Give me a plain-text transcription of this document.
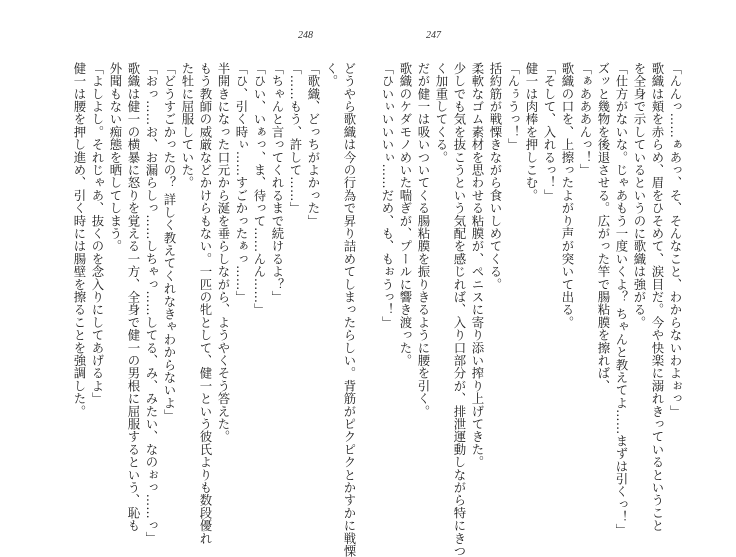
248	247
「んんっ……ぁあっ、そ、そんなこと、わからないわよぉっ」
歌織は頬を赤らめ、眉をひそめて、涙目だ。今や快楽に溺れきっているということ
を全身で示しているというのに歌織は強がる。
「仕方がないな。じゃあもう一度いくよ？ ちゃんと教えてよ……まずは引くっ！」
ズッと幾物を後退させる。広がった竿で腸粘膜を擦れば、
「ぁあああんっ！」
歌織の口を、上擦ったよがり声が突いて出る。
「そして、入れるっ！」
健一は肉棒を押しこむ。
「んぅうっ！」
括約筋が戦慄きながら食いしめてくる。
柔軟なゴム素材を思わせる粘膜が、ペニスに寄り添い搾り上げてきた。
少しでも気を抜こうという気配を感じれば、入り口部分が、排泄運動しながら特にきつ
く加重してくる。
だが健一は吸いついてくる腸粘膜を振りきるように腰を引く。
歌織のケダモノめいた喘ぎが、プールに響き渡った。
「ひいぃいいいぃ……だめ、も、もぉうっ！」
どうやら歌織は今の行為で昇り詰めてしまったらしい。背筋がピクピクとかすかに戦慄
く。
「歌織、どっちがよかった」
「……もう、許して……」
「ちゃんと言ってくれるまで続けるよ？」
「ひい、いぁっ、ま、待って……んん……」
「ひ、引く時ぃ……すごかったぁっ……」
半開きになった口元から涎を垂らしながら、ようやくそう答えた。
もう教師の威厳などかけらもない。一匹の牝として、健一という彼氏よりも数段優れ
た牡に屈服していた。
「どうすごかったの？ 詳しく教えてくれなきゃわからないよ」
「おっ……お、お漏らしっ……しちゃっ……してる、み、みたい、なのぉっ……っ」
歌織は健一の横暴に怒りを覚える一方、全身で健一の男根に屈服するという、恥も
外聞もない痴態を晒してしまう。
「よしよし。それじゃあ、抜くのを念入りにしてあげるよ」
健一は腰を押し進め、引く時には腸壁を擦ることを強調した。
